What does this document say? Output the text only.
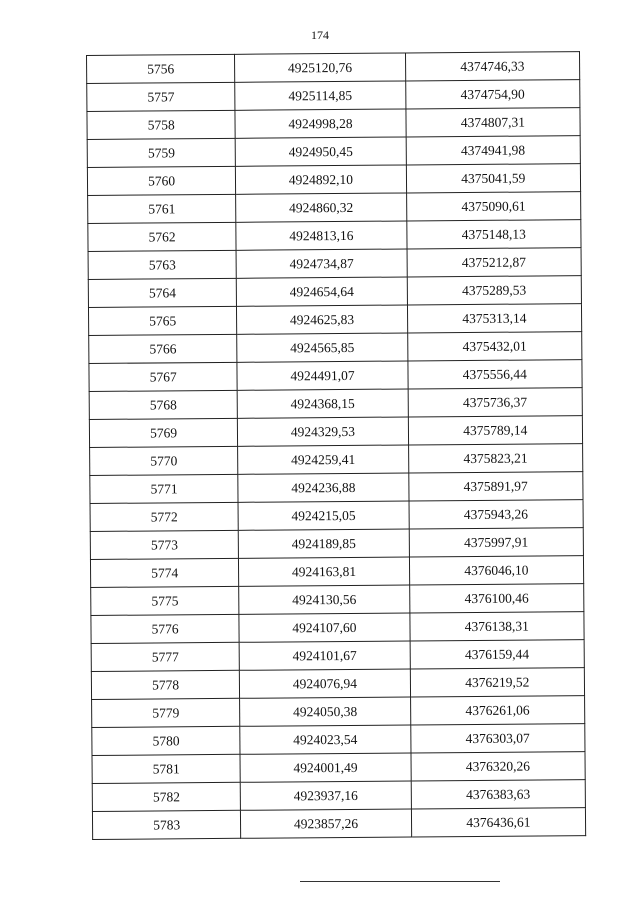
174
5756	4925120,76	4374746,33
5757	4925114,85	4374754,90
5758	4924998,28	4374807,31
5759	4924950,45	4374941,98
5760	4924892,10	4375041,59
5761	4924860,32	4375090,61
5762	4924813,16	4375148,13
5763	4924734,87	4375212,87
5764	4924654,64	4375289,53
5765	4924625,83	4375313,14
5766	4924565,85	4375432,01
5767	4924491,07	4375556,44
5768	4924368,15	4375736,37
5769	4924329,53	4375789,14
5770	4924259,41	4375823,21
5771	4924236,88	4375891,97
5772	4924215,05	4375943,26
5773	4924189,85	4375997,91
5774	4924163,81	4376046,10
5775	4924130,56	4376100,46
5776	4924107,60	4376138,31
5777	4924101,67	4376159,44
5778	4924076,94	4376219,52
5779	4924050,38	4376261,06
5780	4924023,54	4376303,07
5781	4924001,49	4376320,26
5782	4923937,16	4376383,63
5783	4923857,26	4376436,61
